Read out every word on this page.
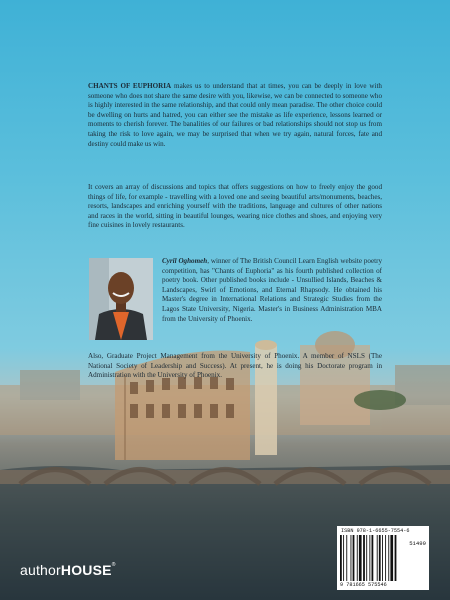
CHANTS OF EUPHORIA makes us to understand that at times, you can be deeply in love with someone who does not share the same desire with you, likewise, we can be connected to someone who is highly interested in the same relationship, and that could only mean paradise. The other choice could be dwelling on hurts and hatred, you can either see the mistake as life experience, lessons learned or moments to cherish forever. The banalities of our failures or bad relationships should not stop us from taking the risk to love again, we may be surprised that when we try again, natural forces, fate and destiny could make us win.
It covers an array of discussions and topics that offers suggestions on how to freely enjoy the good things of life, for example - travelling with a loved one and seeing beautiful arts/monuments, beaches, resorts, landscapes and enriching yourself with the traditions, language and cultures of other nations and races in the world, sitting in beautiful lounges, wearing nice clothes and shoes, and enjoying very fine cuisines in lovely restaurants.
Cyril Oghomeh, winner of The British Council Learn English website poetry competition, has "Chants of Euphoria" as his fourth published collection of poetry book. Other published books include - Unsullied Islands, Beaches & Landscapes, Swirl of Emotions, and Eternal Rhapsody. He obtained his Master's degree in International Relations and Strategic Studies from the Lagos State University, Nigeria. Master's in Business Administration MBA from the University of Phoenix.
Also, Graduate Project Management from the University of Phoenix. A member of NSLS (The National Society of Leadership and Success). At present, he is doing his Doctorate program in Administration with the University of Phoenix.
ISBN 978-1-6655-7554-6
51499
9 781665 575546
authorHOUSE®
